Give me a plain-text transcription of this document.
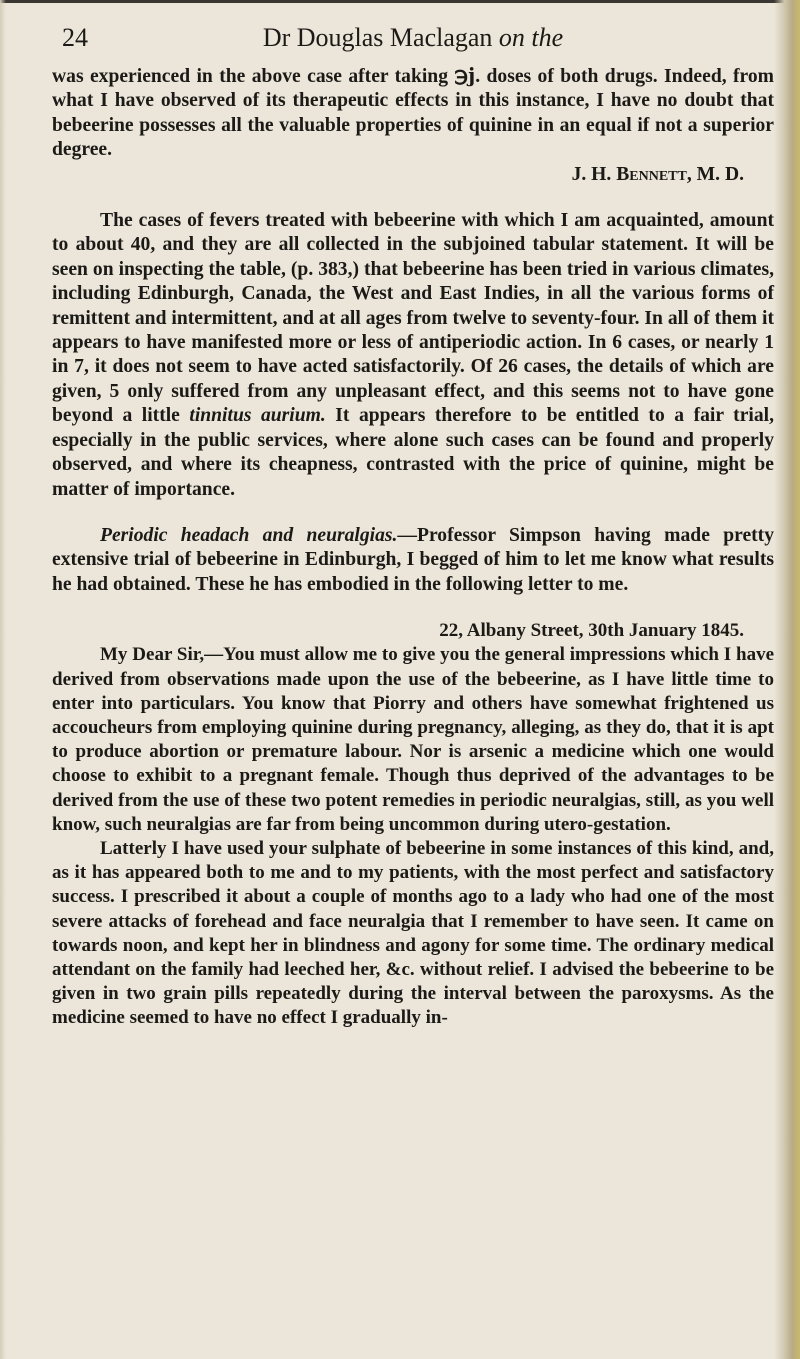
24	Dr Douglas Maclagan on the

was experienced in the above case after taking ℈j. doses of both drugs. Indeed, from what I have observed of its therapeutic effects in this instance, I have no doubt that bebeerine possesses all the valuable properties of quinine in an equal if not a superior degree.

J. H. Bennett, M. D.

The cases of fevers treated with bebeerine with which I am acquainted, amount to about 40, and they are all collected in the subjoined tabular statement. It will be seen on inspecting the table, (p. 383,) that bebeerine has been tried in various climates, including Edinburgh, Canada, the West and East Indies, in all the various forms of remittent and intermittent, and at all ages from twelve to seventy-four. In all of them it appears to have manifested more or less of antiperiodic action. In 6 cases, or nearly 1 in 7, it does not seem to have acted satisfactorily. Of 26 cases, the details of which are given, 5 only suffered from any unpleasant effect, and this seems not to have gone beyond a little tinnitus aurium. It appears therefore to be entitled to a fair trial, especially in the public services, where alone such cases can be found and properly observed, and where its cheapness, contrasted with the price of quinine, might be matter of importance.

Periodic headach and neuralgias.—Professor Simpson having made pretty extensive trial of bebeerine in Edinburgh, I begged of him to let me know what results he had obtained. These he has embodied in the following letter to me.

22, Albany Street, 30th January 1845.

My Dear Sir,—You must allow me to give you the general impressions which I have derived from observations made upon the use of the bebeerine, as I have little time to enter into particulars. You know that Piorry and others have somewhat frightened us accoucheurs from employing quinine during pregnancy, alleging, as they do, that it is apt to produce abortion or premature labour. Nor is arsenic a medicine which one would choose to exhibit to a pregnant female. Though thus deprived of the advantages to be derived from the use of these two potent remedies in periodic neuralgias, still, as you well know, such neuralgias are far from being uncommon during utero-gestation.

Latterly I have used your sulphate of bebeerine in some instances of this kind, and, as it has appeared both to me and to my patients, with the most perfect and satisfactory success. I prescribed it about a couple of months ago to a lady who had one of the most severe attacks of forehead and face neuralgia that I remember to have seen. It came on towards noon, and kept her in blindness and agony for some time. The ordinary medical attendant on the family had leeched her, &c. without relief. I advised the bebeerine to be given in two grain pills repeatedly during the interval between the paroxysms. As the medicine seemed to have no effect I gradually in-
